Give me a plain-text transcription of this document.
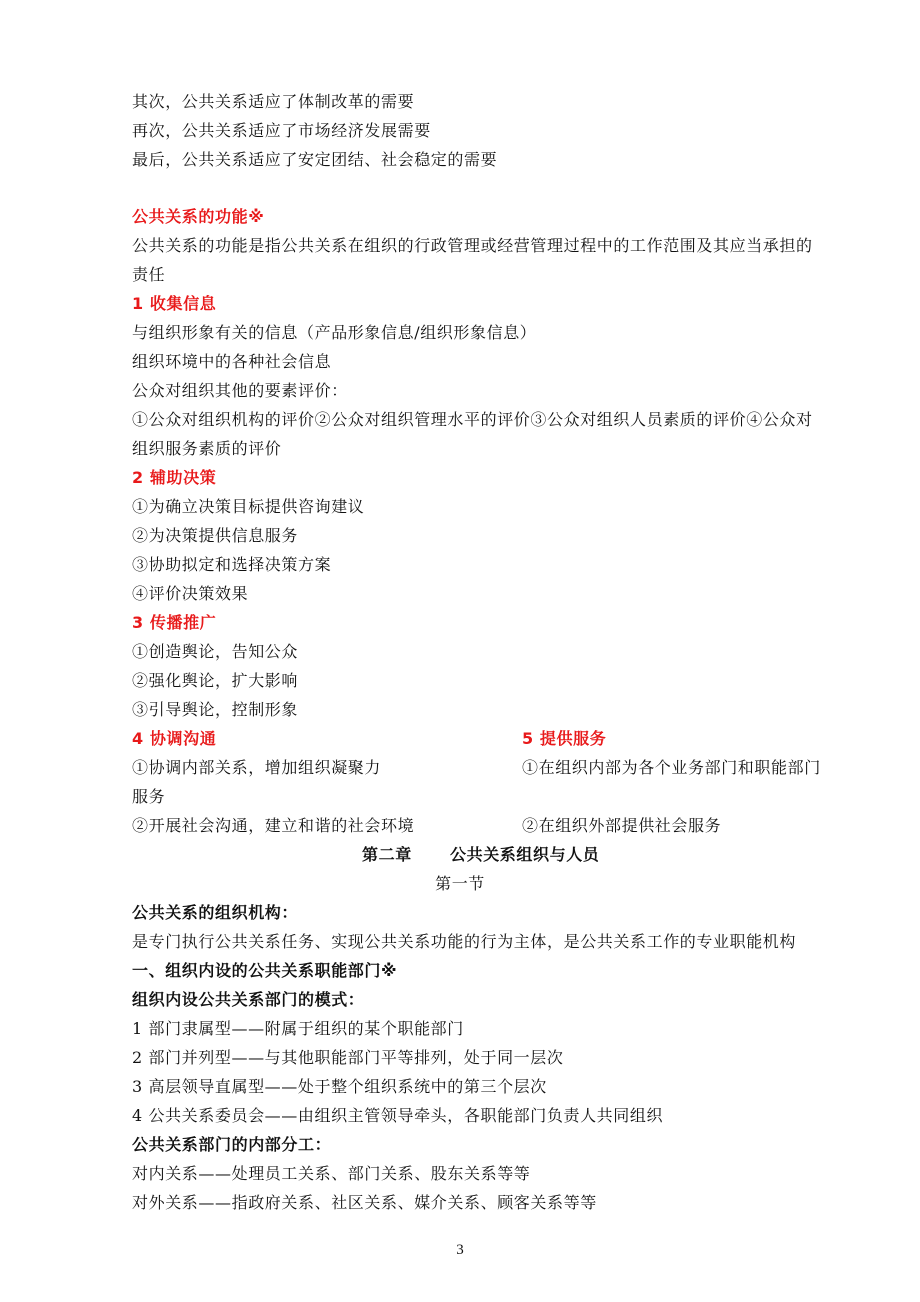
其次，公共关系适应了体制改革的需要
再次，公共关系适应了市场经济发展需要
最后，公共关系适应了安定团结、社会稳定的需要
公共关系的功能※
公共关系的功能是指公共关系在组织的行政管理或经营管理过程中的工作范围及其应当承担的
责任
1 收集信息
与组织形象有关的信息（产品形象信息/组织形象信息）
组织环境中的各种社会信息
公众对组织其他的要素评价：
①公众对组织机构的评价②公众对组织管理水平的评价③公众对组织人员素质的评价④公众对
组织服务素质的评价
2 辅助决策
①为确立决策目标提供咨询建议
②为决策提供信息服务
③协助拟定和选择决策方案
④评价决策效果
3 传播推广
①创造舆论，告知公众
②强化舆论，扩大影响
③引导舆论，控制形象
4 协调沟通	5 提供服务
①协调内部关系，增加组织凝聚力	①在组织内部为各个业务部门和职能部门
服务
②开展社会沟通，建立和谐的社会环境	②在组织外部提供社会服务
第二章 公共关系组织与人员
第一节
公共关系的组织机构：
是专门执行公共关系任务、实现公共关系功能的行为主体，是公共关系工作的专业职能机构
一、组织内设的公共关系职能部门※
组织内设公共关系部门的模式：
1 部门隶属型——附属于组织的某个职能部门
2 部门并列型——与其他职能部门平等排列，处于同一层次
3 高层领导直属型——处于整个组织系统中的第三个层次
4 公共关系委员会——由组织主管领导牵头，各职能部门负责人共同组织
公共关系部门的内部分工：
对内关系——处理员工关系、部门关系、股东关系等等
对外关系——指政府关系、社区关系、媒介关系、顾客关系等等
3
